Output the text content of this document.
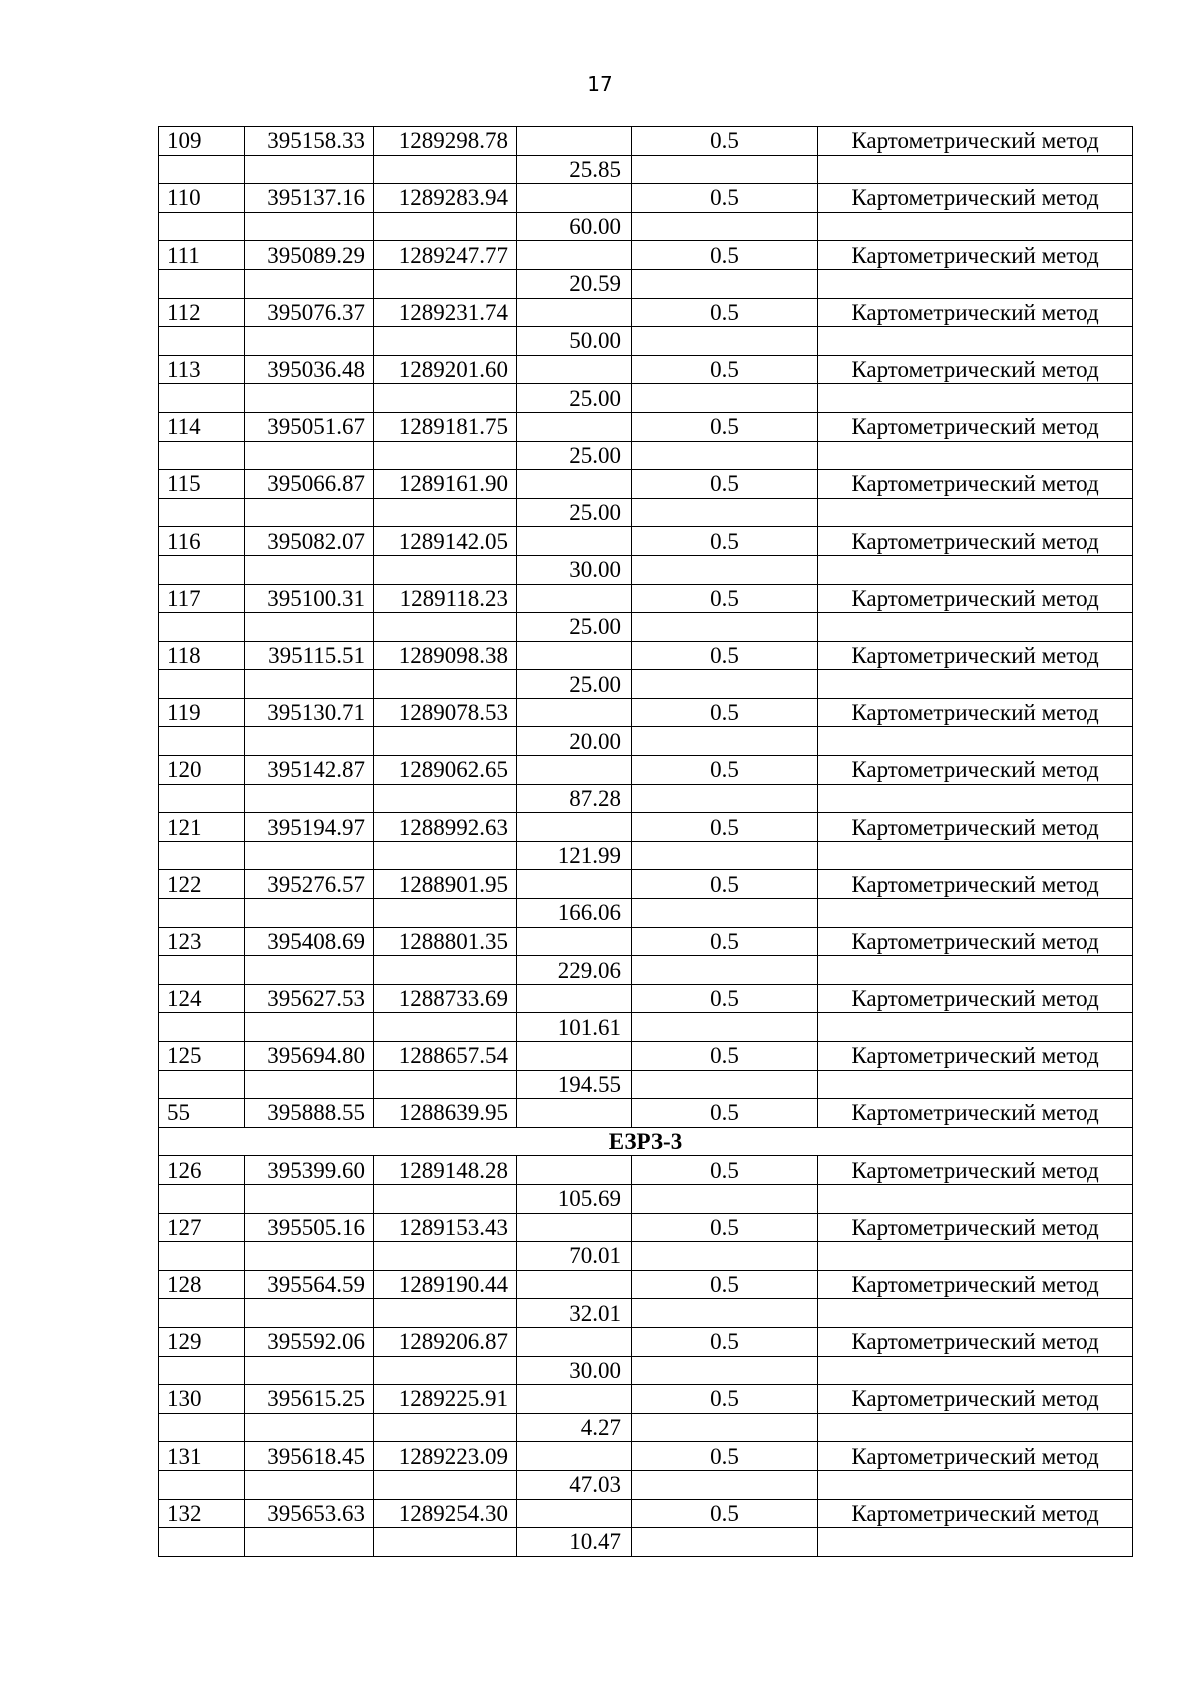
17
109	395158.33	1289298.78		0.5	Картометрический метод
			25.85		
110	395137.16	1289283.94		0.5	Картометрический метод
			60.00		
111	395089.29	1289247.77		0.5	Картометрический метод
			20.59		
112	395076.37	1289231.74		0.5	Картометрический метод
			50.00		
113	395036.48	1289201.60		0.5	Картометрический метод
			25.00		
114	395051.67	1289181.75		0.5	Картометрический метод
			25.00		
115	395066.87	1289161.90		0.5	Картометрический метод
			25.00		
116	395082.07	1289142.05		0.5	Картометрический метод
			30.00		
117	395100.31	1289118.23		0.5	Картометрический метод
			25.00		
118	395115.51	1289098.38		0.5	Картометрический метод
			25.00		
119	395130.71	1289078.53		0.5	Картометрический метод
			20.00		
120	395142.87	1289062.65		0.5	Картометрический метод
			87.28		
121	395194.97	1288992.63		0.5	Картометрический метод
			121.99		
122	395276.57	1288901.95		0.5	Картометрический метод
			166.06		
123	395408.69	1288801.35		0.5	Картометрический метод
			229.06		
124	395627.53	1288733.69		0.5	Картометрический метод
			101.61		
125	395694.80	1288657.54		0.5	Картометрический метод
			194.55		
55	395888.55	1288639.95		0.5	Картометрический метод
ЕЗРЗ-3					
126	395399.60	1289148.28		0.5	Картометрический метод
			105.69		
127	395505.16	1289153.43		0.5	Картометрический метод
			70.01		
128	395564.59	1289190.44		0.5	Картометрический метод
			32.01		
129	395592.06	1289206.87		0.5	Картометрический метод
			30.00		
130	395615.25	1289225.91		0.5	Картометрический метод
			4.27		
131	395618.45	1289223.09		0.5	Картометрический метод
			47.03		
132	395653.63	1289254.30		0.5	Картометрический метод
			10.47		
